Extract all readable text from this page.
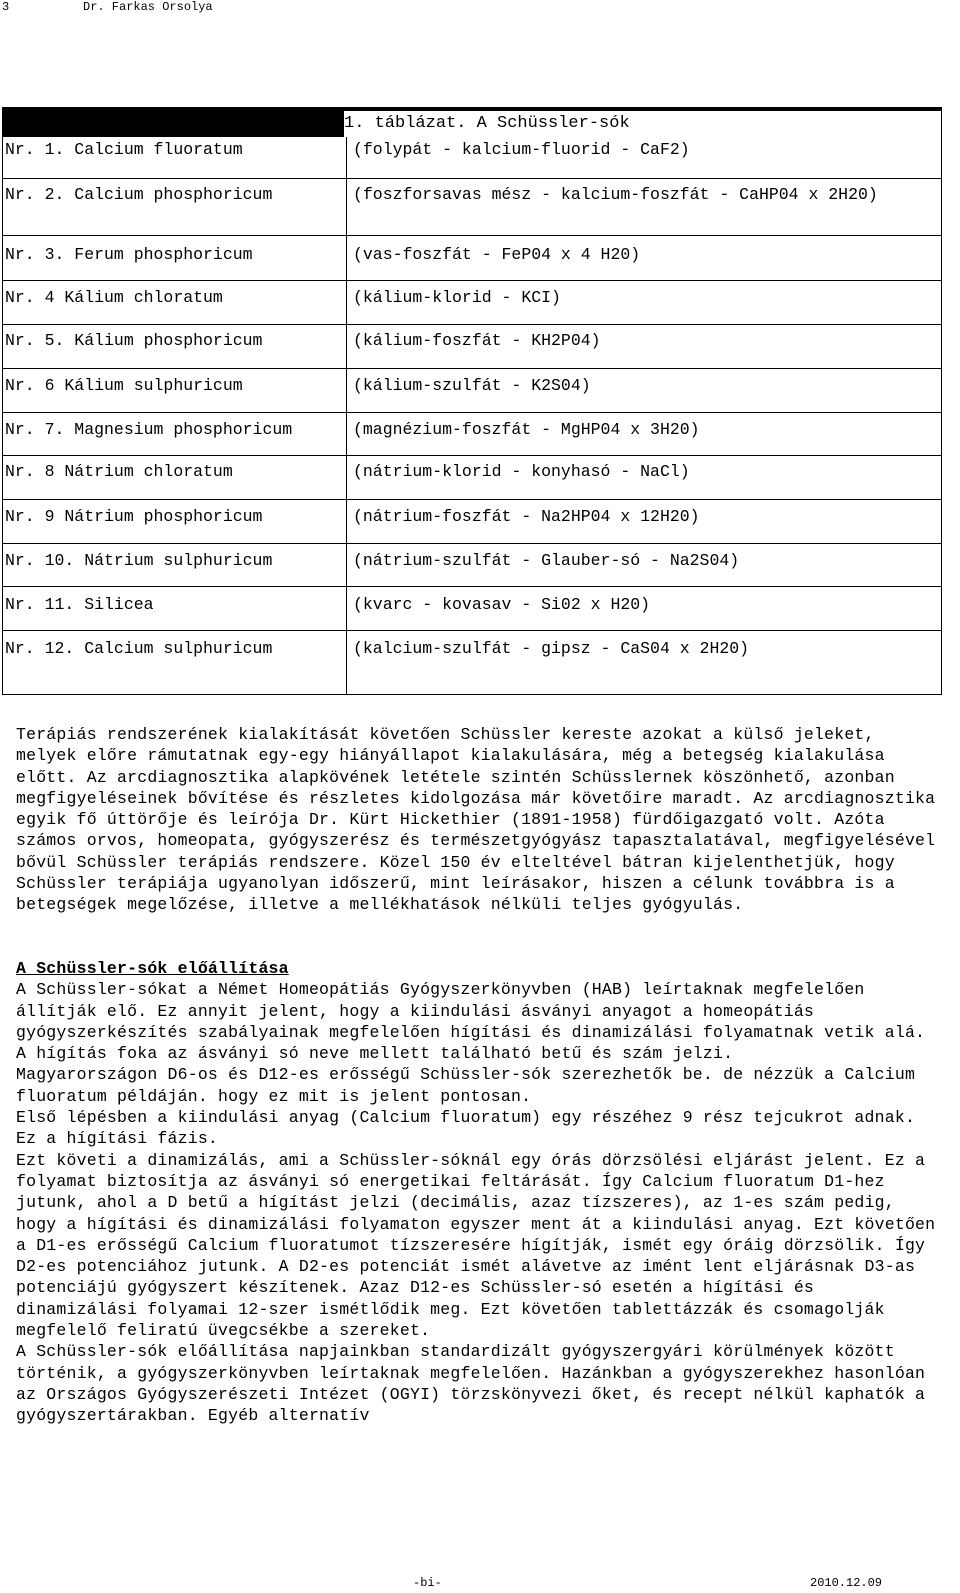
3	Dr. Farkas Orsolya
1. táblázat. A Schüssler-sók
Nr. 1. Calcium fluoratum	(folypát - kalcium-fluorid - CaF2)
Nr. 2. Calcium phosphoricum	(foszforsavas mész - kalcium-foszfát - CaHP04 x 2H20)
Nr. 3. Ferum phosphoricum	(vas-foszfát - FeP04 x 4 H20)
Nr. 4 Kálium chloratum	(kálium-klorid - KCI)
Nr. 5. Kálium phosphoricum	(kálium-foszfát - KH2P04)
Nr. 6 Kálium sulphuricum	(kálium-szulfát - K2S04)
Nr. 7. Magnesium phosphoricum	(magnézium-foszfát - MgHP04 x 3H20)
Nr. 8 Nátrium chloratum	(nátrium-klorid - konyhasó - NaCl)
Nr. 9 Nátrium phosphoricum	(nátrium-foszfát - Na2HP04 x 12H20)
Nr. 10. Nátrium sulphuricum	(nátrium-szulfát - Glauber-só - Na2S04)
Nr. 11. Silicea	(kvarc - kovasav - Si02 x H20)
Nr. 12. Calcium sulphuricum	(kalcium-szulfát - gipsz - CaS04 x 2H20)
Terápiás rendszerének kialakítását követően Schüssler kereste azokat a külső jeleket, melyek előre rámutatnak egy-egy hiányállapot kialakulására, még a betegség kialakulása előtt. Az arcdiagnosztika alapkövének letétele szintén Schüsslernek köszönhető, azonban megfigyeléseinek bővítése és részletes kidolgozása már követőire maradt. Az arcdiagnosztika egyik fő úttörője és leírója Dr. Kürt Hickethier (1891-1958) fürdőigazgató volt. Azóta számos orvos, homeopata, gyógyszerész és természetgyógyász tapasztalatával, megfigyelésével bővül Schüssler terápiás rendszere. Közel 150 év elteltével bátran kijelenthetjük, hogy Schüssler terápiája ugyanolyan időszerű, mint leírásakor, hiszen a célunk továbbra is a betegségek megelőzése, illetve a mellékhatások nélküli teljes gyógyulás.
A Schüssler-sók előállítása
A Schüssler-sókat a Német Homeopátiás Gyógyszerkönyvben (HAB) leírtaknak megfelelően állítják elő. Ez annyit jelent, hogy a kiindulási ásványi anyagot a homeopátiás gyógyszerkészítés szabályainak megfelelően hígítási és dinamizálási folyamatnak vetik alá. A hígítás foka az ásványi só neve mellett található betű és szám jelzi.
Magyarországon D6-os és D12-es erősségű Schüssler-sók szerezhetők be. de nézzük a Calcium fluoratum példáján. hogy ez mit is jelent pontosan.
Első lépésben a kiindulási anyag (Calcium fluoratum) egy részéhez 9 rész tejcukrot adnak. Ez a hígítási fázis.
Ezt követi a dinamizálás, ami a Schüssler-sóknál egy órás dörzsölési eljárást jelent. Ez a folyamat biztosítja az ásványi só energetikai feltárását. Így Calcium fluoratum D1-hez jutunk, ahol a D betű a hígítást jelzi (decimális, azaz tízszeres), az 1-es szám pedig, hogy a hígítási és dinamizálási folyamaton egyszer ment át a kiindulási anyag. Ezt követően a D1-es erősségű Calcium fluoratumot tízszeresére hígítják, ismét egy óráig dörzsölik. Így D2-es potenciához jutunk. A D2-es potenciát ismét alávetve az imént lent eljárásnak D3-as potenciájú gyógyszert készítenek. Azaz D12-es Schüssler-só esetén a hígítási és dinamizálási folyamai 12-szer ismétlődik meg. Ezt követően tablettázzák és csomagolják megfelelő feliratú üvegcsékbe a szereket.
A Schüssler-sók előállítása napjainkban standardizált gyógyszergyári körülmények között történik, a gyógyszerkönyvben leírtaknak megfelelően. Hazánkban a gyógyszerekhez hasonlóan az Országos Gyógyszerészeti Intézet (OGYI) törzskönyvezi őket, és recept nélkül kaphatók a gyógyszertárakban. Egyéb alternatív
-bi-	2010.12.09
